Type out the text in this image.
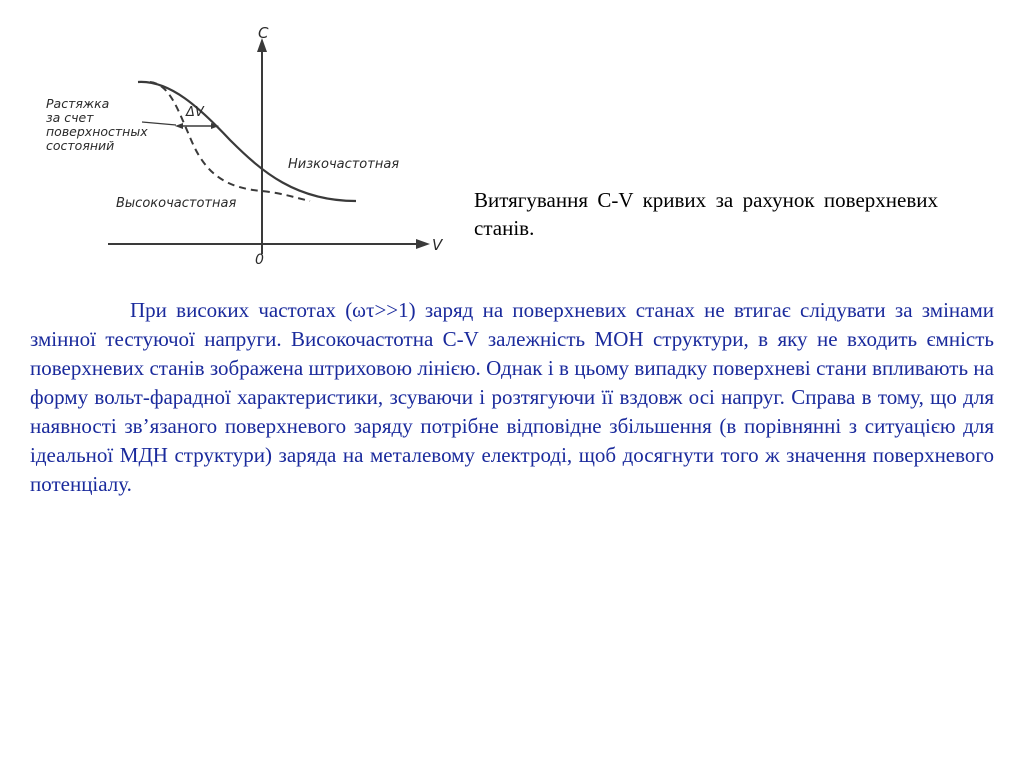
C
V
0
ΔV
Растяжка за счет поверхностных состояний
Низкочастотная
Высокочастотная	Витягування С-V кривих за рахунок поверхневих станів.

При високих частотах (ωτ>>1) заряд на поверхневих станах не втигає слідувати за змінами змінної тестуючої напруги. Високочастотна С-V залежність МОН структури, в яку не входить ємність поверхневих станів зображена штриховою лінією. Однак і в цьому випадку поверхневі стани впливають на форму вольт-фарадної характеристики, зсуваючи і розтягуючи її вздовж осі напруг. Справа в тому, що для наявності зв’язаного поверхневого заряду потрібне відповідне збільшення (в порівнянні з ситуацією для ідеальної МДН структури) заряда на металевому електроді, щоб досягнути того ж значення поверхневого потенціалу.
